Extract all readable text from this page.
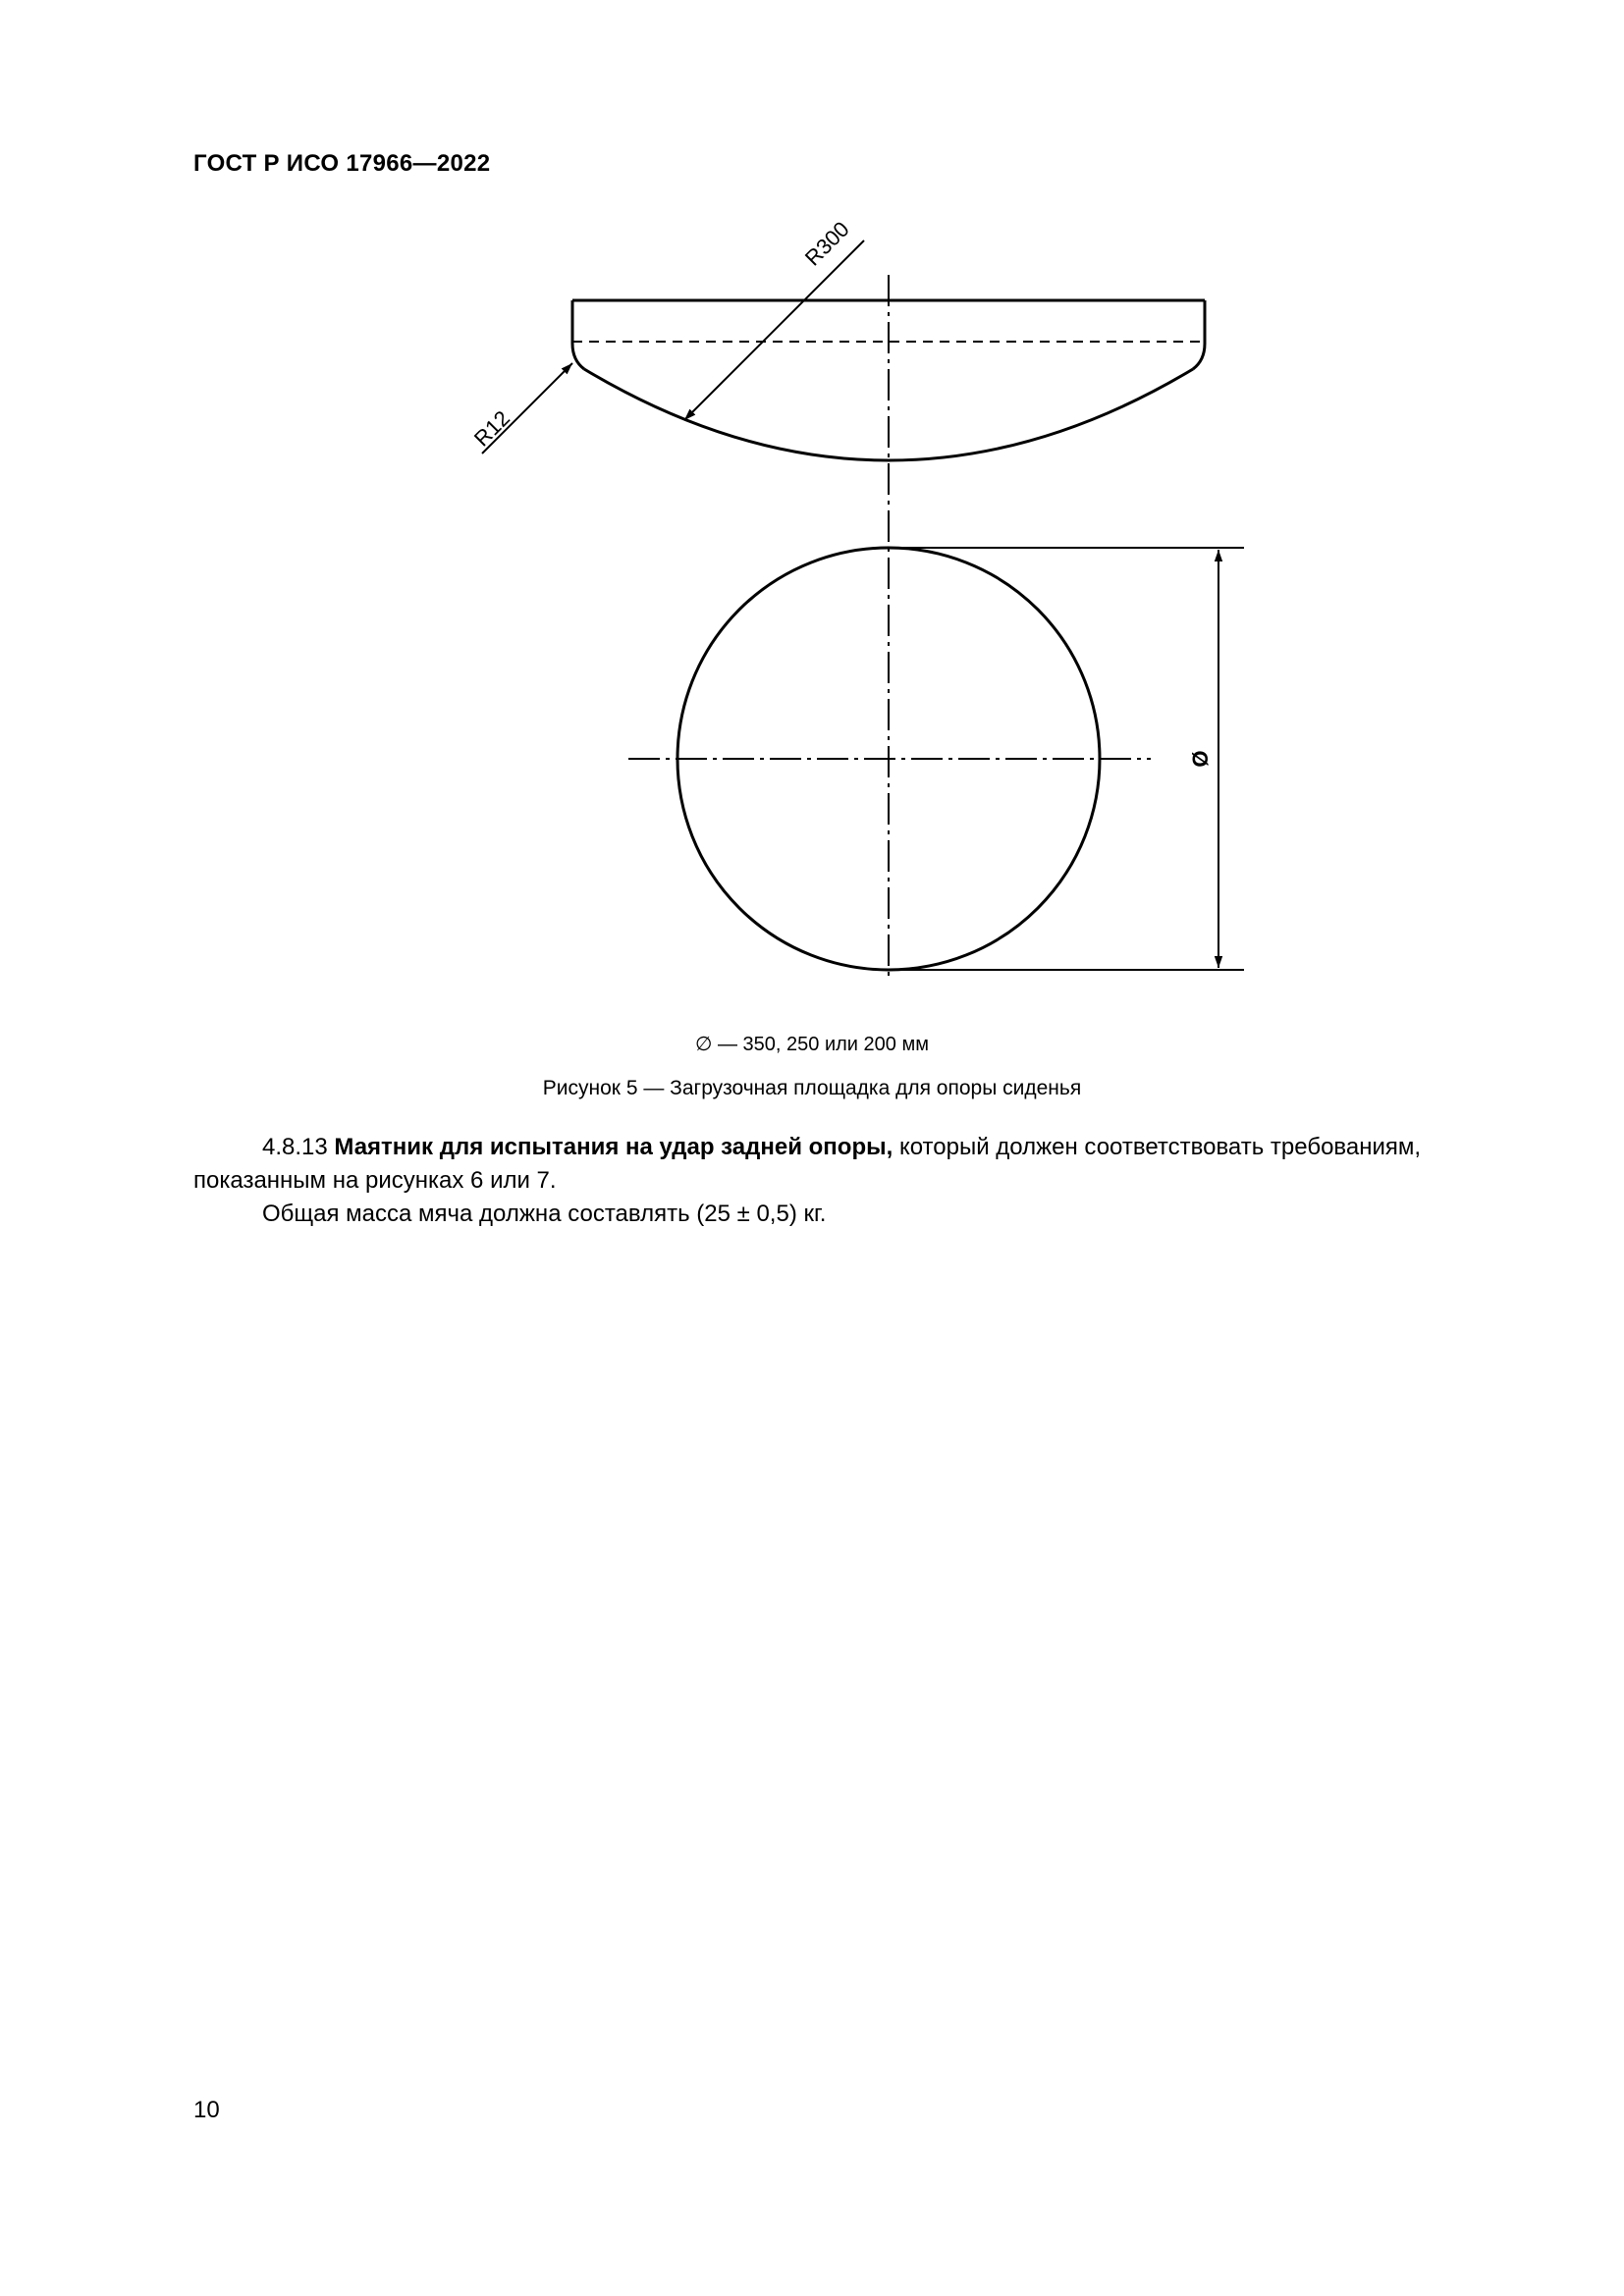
ГОСТ Р ИСО 17966—2022
R300
R12
Ø
∅ — 350, 250 или 200 мм
Рисунок 5 — Загрузочная площадка для опоры сиденья
4.8.13 Маятник для испытания на удар задней опоры, который должен соответствовать требованиям, показанным на рисунках 6 или 7.
Общая масса мяча должна составлять (25 ± 0,5) кг.
10
